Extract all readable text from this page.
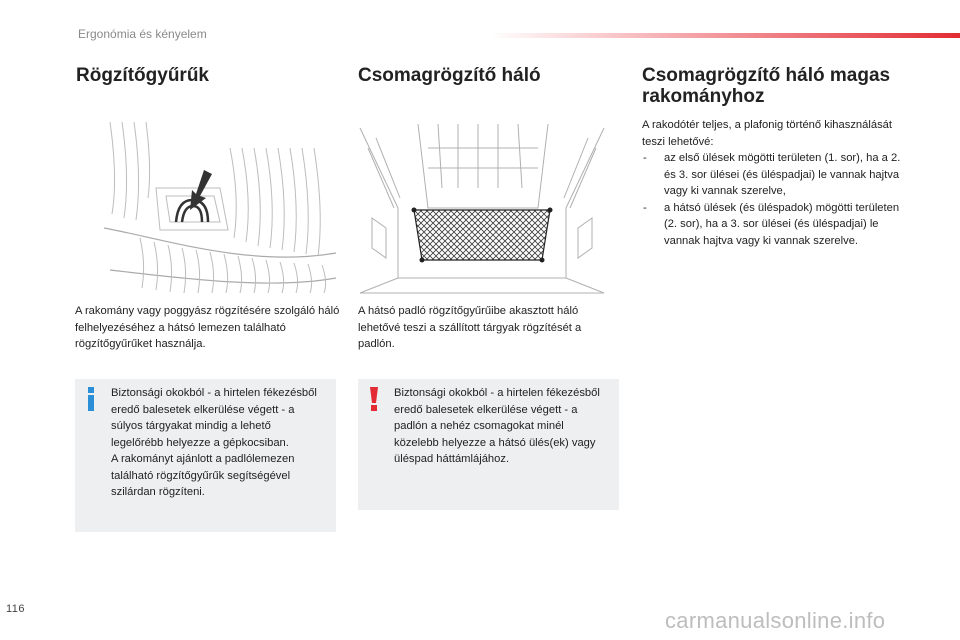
Ergonómia és kényelem
Rögzítőgyűrűk

A rakomány vagy poggyász rögzítésére szolgáló háló felhelyezéséhez a hátsó lemezen található rögzítőgyűrűket használja.

Biztonsági okokból - a hirtelen fékezésből eredő balesetek elkerülése végett - a súlyos tárgyakat mindig a lehető legelőrébb helyezze a gépkocsiban.

A rakományt ajánlott a padlólemezen található rögzítőgyűrűk segítségével szilárdan rögzíteni.

Csomagrögzítő háló

A hátsó padló rögzítőgyűrűibe akasztott háló lehetővé teszi a szállított tárgyak rögzítését a padlón.

Biztonsági okokból - a hirtelen fékezésből eredő balesetek elkerülése végett - a padlón a nehéz csomagokat minél közelebb helyezze a hátsó ülés(ek) vagy üléspad háttámlájához.

Csomagrögzítő háló magas rakományhoz

A rakodótér teljes, a plafonig történő kihasználását teszi lehetővé:

- az első ülések mögötti területen (1. sor), ha a 2. és 3. sor ülései (és üléspadjai) le vannak hajtva vagy ki vannak szerelve,
- a hátsó ülések (és üléspadok) mögötti területen (2. sor), ha a 3. sor ülései (és üléspadjai) le vannak hajtva vagy ki vannak szerelve.
116	carmanualsonline.info
